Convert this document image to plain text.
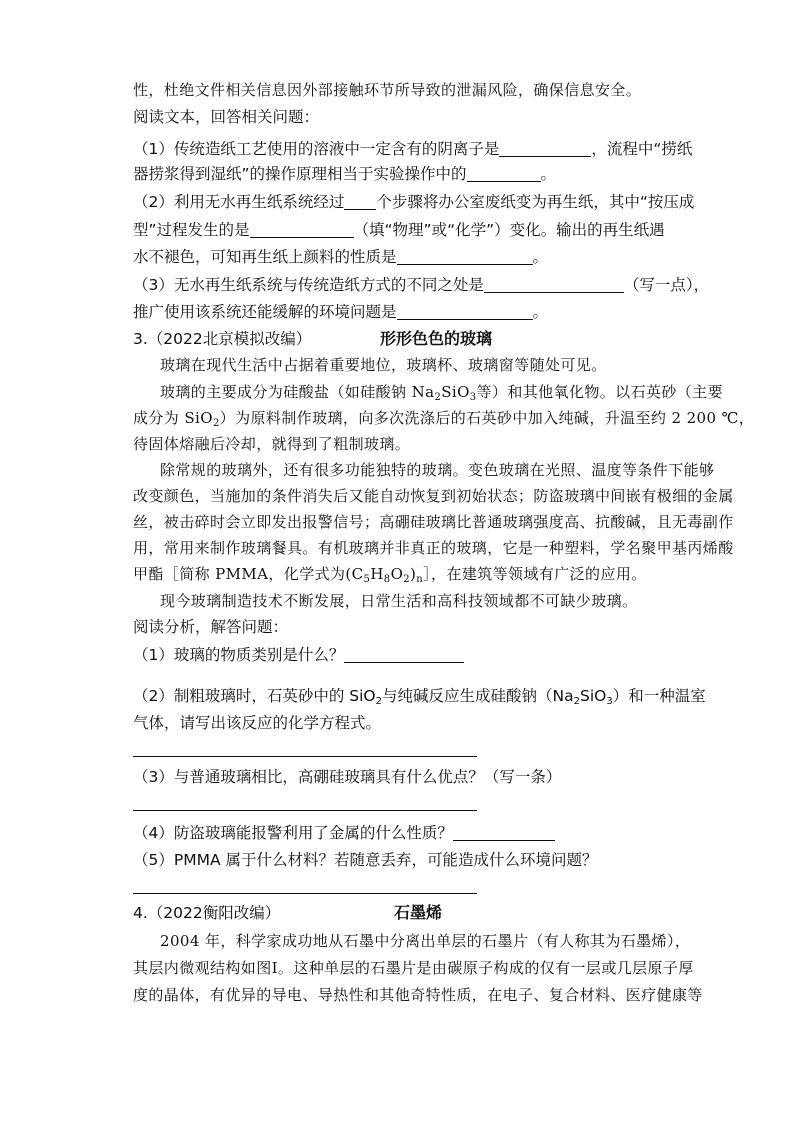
性，杜绝文件相关信息因外部接触环节所导致的泄漏风险，确保信息安全。
阅读文本，回答相关问题：
（1）传统造纸工艺使用的溶液中一定含有的阴离子是	，流程中“捞纸
器捞浆得到湿纸”的操作原理相当于实验操作中的	。
（2）利用无水再生纸系统经过 个步骤将办公室废纸变为再生纸，其中“按压成
型”过程发生的是	（填“物理”或“化学”）变化。输出的再生纸遇
水不褪色，可知再生纸上颜料的性质是	。
（3）无水再生纸系统与传统造纸方式的不同之处是	（写一点），
推广使用该系统还能缓解的环境问题是	。
3.（2022北京模拟改编）	形形色色的玻璃
玻璃在现代生活中占据着重要地位，玻璃杯、玻璃窗等随处可见。
玻璃的主要成分为硅酸盐（如硅酸钠 $Na_2SiO_3$等）和其他氧化物。以石英砂（主要
成分为 SiO$_2$）为原料制作玻璃，向多次洗涤后的石英砂中加入纯碱，升温至约 2 200 ℃，
待固体熔融后冷却，就得到了粗制玻璃。
除常规的玻璃外，还有很多功能独特的玻璃。变色玻璃在光照、温度等条件下能够
改变颜色，当施加的条件消失后又能自动恢复到初始状态；防盗玻璃中间嵌有极细的金属
丝，被击碎时会立即发出报警信号；高硼硅玻璃比普通玻璃强度高、抗酸碱，且无毒副作
用，常用来制作玻璃餐具。有机玻璃并非真正的玻璃，它是一种塑料，学名聚甲基丙烯酸
甲酯［简称 PMMA，化学式为$(C_5H_8O_2)_n]$，在建筑等领域有广泛的应用。
现今玻璃制造技术不断发展，日常生活和高科技领域都不可缺少玻璃。
阅读分析，解答问题：
（1）玻璃的物质类别是什么？
（2）制粗玻璃时，石英砂中的 SiO$_2$与纯碱反应生成硅酸钠$(Na_2SiO_3)$和一种温室
气体，请写出该反应的化学方程式。
（3）与普通玻璃相比，高硼硅玻璃具有什么优点？（写一条）
（4）防盗玻璃能报警利用了金属的什么性质？
（5）PMMA 属于什么材料？若随意丢弃，可能造成什么环境问题？
4.（2022衡阳改编）	石墨烯
2004 年，科学家成功地从石墨中分离出单层的石墨片（有人称其为石墨烯），
其层内微观结构如图Ⅰ。这种单层的石墨片是由碳原子构成的仅有一层或几层原子厚
度的晶体，有优异的导电、导热性和其他奇特性质，在电子、复合材料、医疗健康等
